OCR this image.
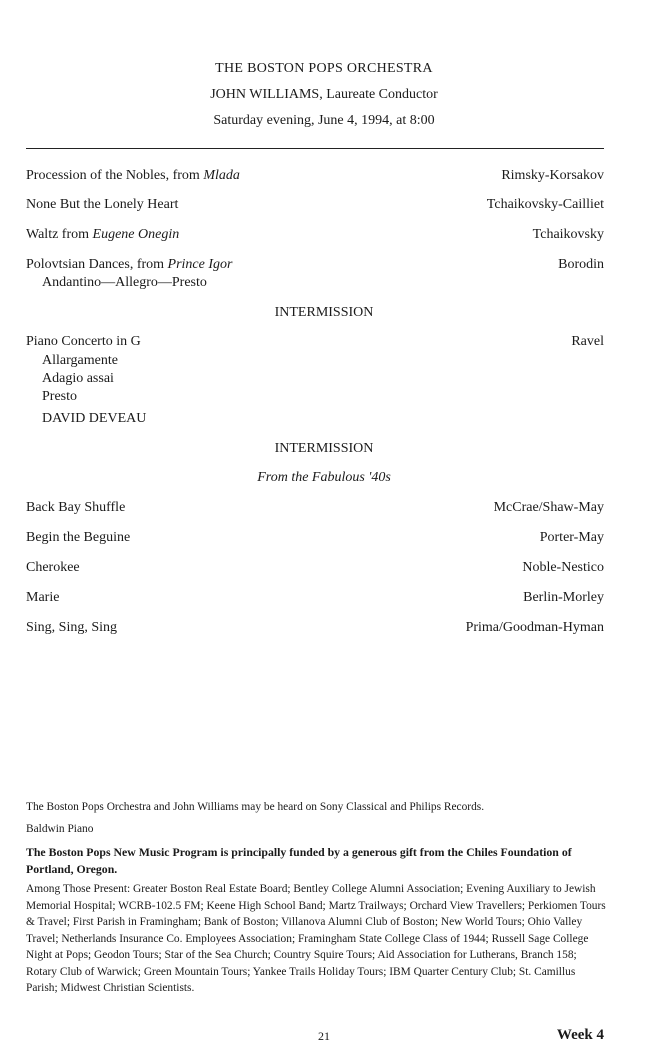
THE BOSTON POPS ORCHESTRA
JOHN WILLIAMS, Laureate Conductor
Saturday evening, June 4, 1994, at 8:00
Procession of the Nobles, from Mlada	Rimsky-Korsakov
None But the Lonely Heart	Tchaikovsky-Cailliet
Waltz from Eugene Onegin	Tchaikovsky
Polovtsian Dances, from Prince Igor	Borodin
Andantino—Allegro—Presto
INTERMISSION
Piano Concerto in G	Ravel
Allargamente
Adagio assai
Presto
DAVID DEVEAU
INTERMISSION
From the Fabulous '40s
Back Bay Shuffle	McCrae/Shaw-May
Begin the Beguine	Porter-May
Cherokee	Noble-Nestico
Marie	Berlin-Morley
Sing, Sing, Sing	Prima/Goodman-Hyman
The Boston Pops Orchestra and John Williams may be heard on Sony Classical and Philips Records.
Baldwin Piano
The Boston Pops New Music Program is principally funded by a generous gift from the Chiles Foundation of Portland, Oregon.
Among Those Present: Greater Boston Real Estate Board; Bentley College Alumni Association; Evening Auxiliary to Jewish Memorial Hospital; WCRB-102.5 FM; Keene High School Band; Martz Trailways; Orchard View Travellers; Perkiomen Tours & Travel; First Parish in Framingham; Bank of Boston; Villanova Alumni Club of Boston; New World Tours; Ohio Valley Travel; Netherlands Insurance Co. Employees Association; Framingham State College Class of 1944; Russell Sage College Night at Pops; Geodon Tours; Star of the Sea Church; Country Squire Tours; Aid Association for Lutherans, Branch 158; Rotary Club of Warwick; Green Mountain Tours; Yankee Trails Holiday Tours; IBM Quarter Century Club; St. Camillus Parish; Midwest Christian Scientists.
21	Week 4
